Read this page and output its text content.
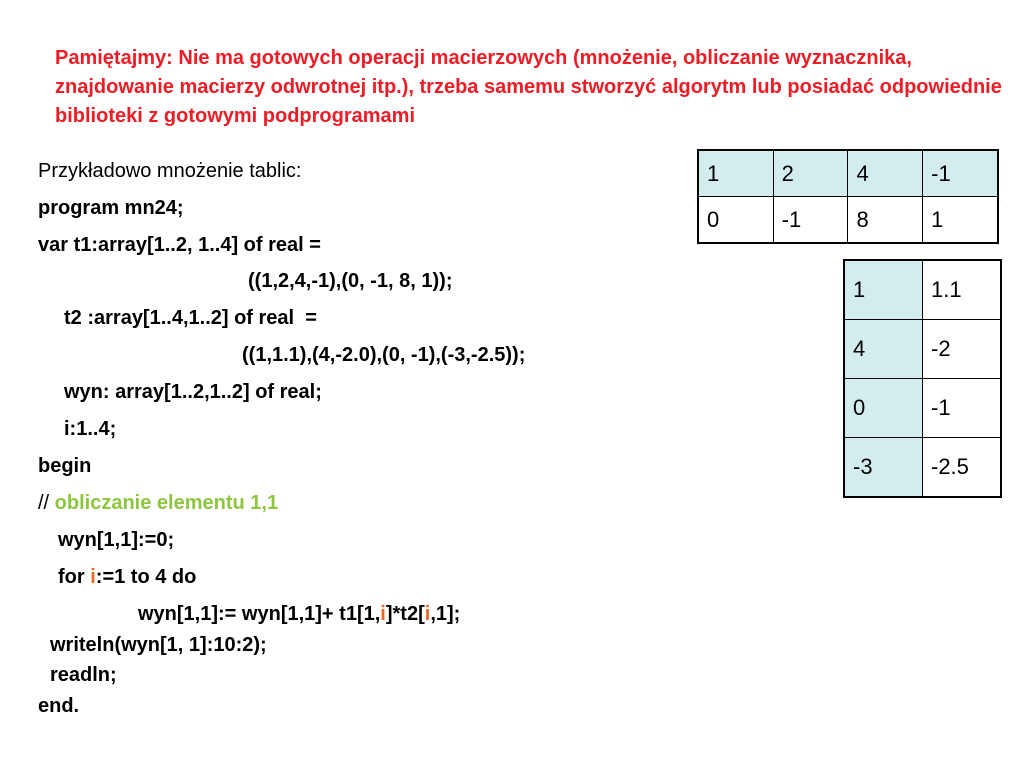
Pamiętajmy: Nie ma gotowych operacji macierzowych (mnożenie, obliczanie wyznacznika, znajdowanie macierzy odwrotnej itp.), trzeba samemu stworzyć algorytm lub posiadać odpowiednie biblioteki z gotowymi podprogramami

Przykładowo mnożenie tablic:
program mn24;
var t1:array[1..2, 1..4] of real =
((1,2,4,-1),(0, -1, 8, 1));
t2 :array[1..4,1..2] of real  =
((1,1.1),(4,-2.0),(0, -1),(-3,-2.5));
wyn: array[1..2,1..2] of real;
i:1..4;
begin
// obliczanie elementu 1,1
wyn[1,1]:=0;
for i:=1 to 4 do
wyn[1,1]:= wyn[1,1]+ t1[1,i]*t2[i,1];
writeln(wyn[1, 1]:10:2);
readln;
end.
1	2	4	-1
0	-1	8	1
1	1.1
4	-2
0	-1
-3	-2.5
